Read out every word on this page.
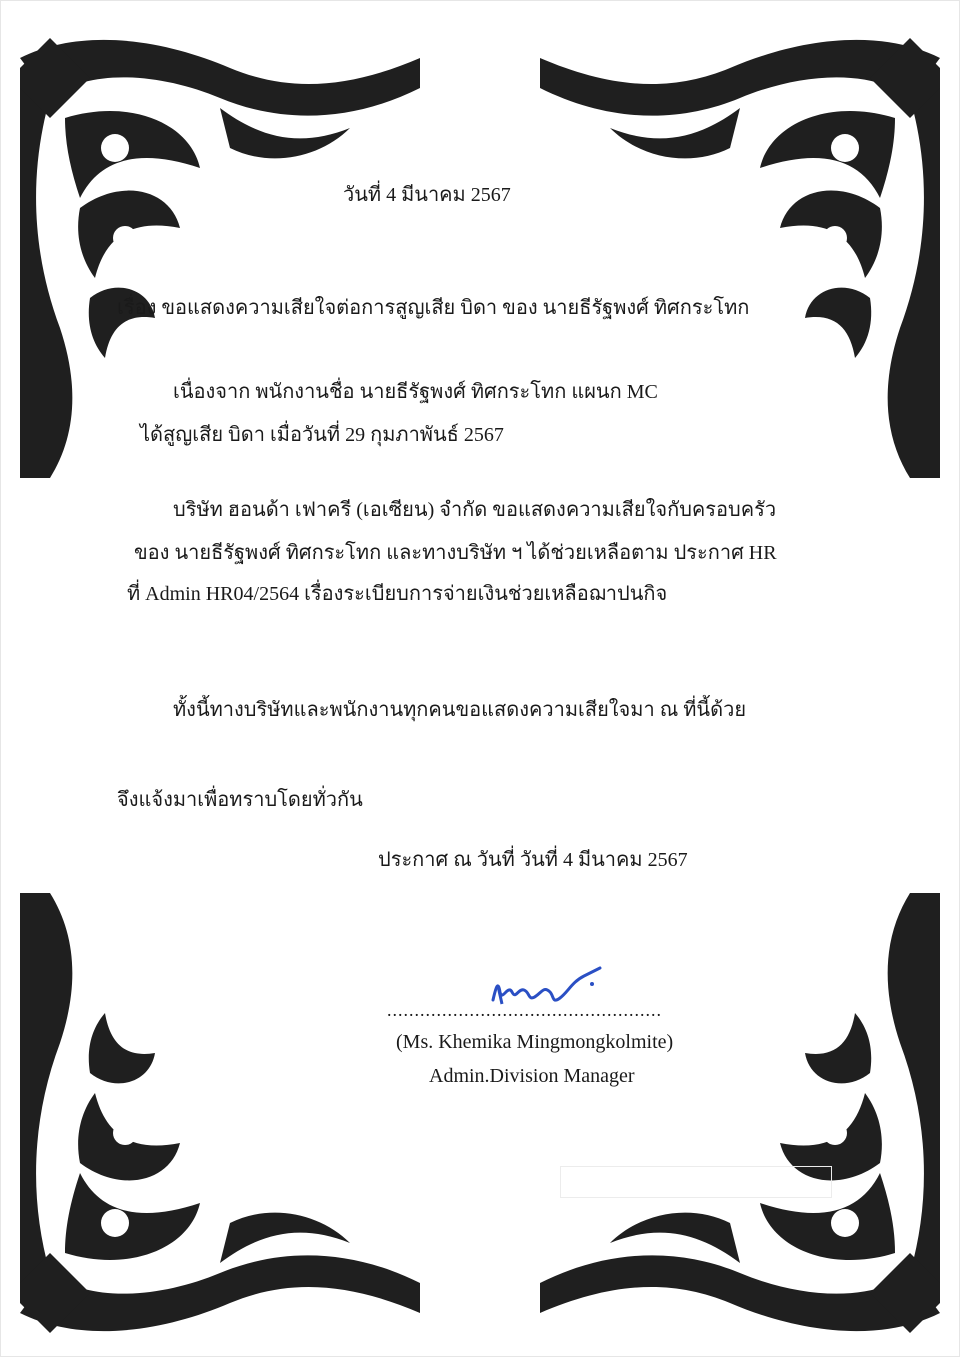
วันที่ 4 มีนาคม 2567
เรื่อง ขอแสดงความเสียใจต่อการสูญเสีย บิดา ของ นายธีรัฐพงศ์ ทิศกระโทก
เนื่องจาก พนักงานชื่อ นายธีรัฐพงศ์ ทิศกระโทก แผนก MC
ได้สูญเสีย บิดา เมื่อวันที่ 29 กุมภาพันธ์ 2567
บริษัท ฮอนด้า เฟาครี (เอเซียน) จำกัด ขอแสดงความเสียใจกับครอบครัว
ของ นายธีรัฐพงศ์ ทิศกระโทก และทางบริษัท ฯ ได้ช่วยเหลือตาม ประกาศ HR
ที่ Admin HR04/2564 เรื่องระเบียบการจ่ายเงินช่วยเหลือฌาปนกิจ
ทั้งนี้ทางบริษัทและพนักงานทุกคนขอแสดงความเสียใจมา ณ ที่นี้ด้วย
จึงแจ้งมาเพื่อทราบโดยทั่วกัน
ประกาศ ณ วันที่ วันที่ 4 มีนาคม 2567
..................................................
(Ms. Khemika Mingmongkolmite)
Admin.Division Manager
